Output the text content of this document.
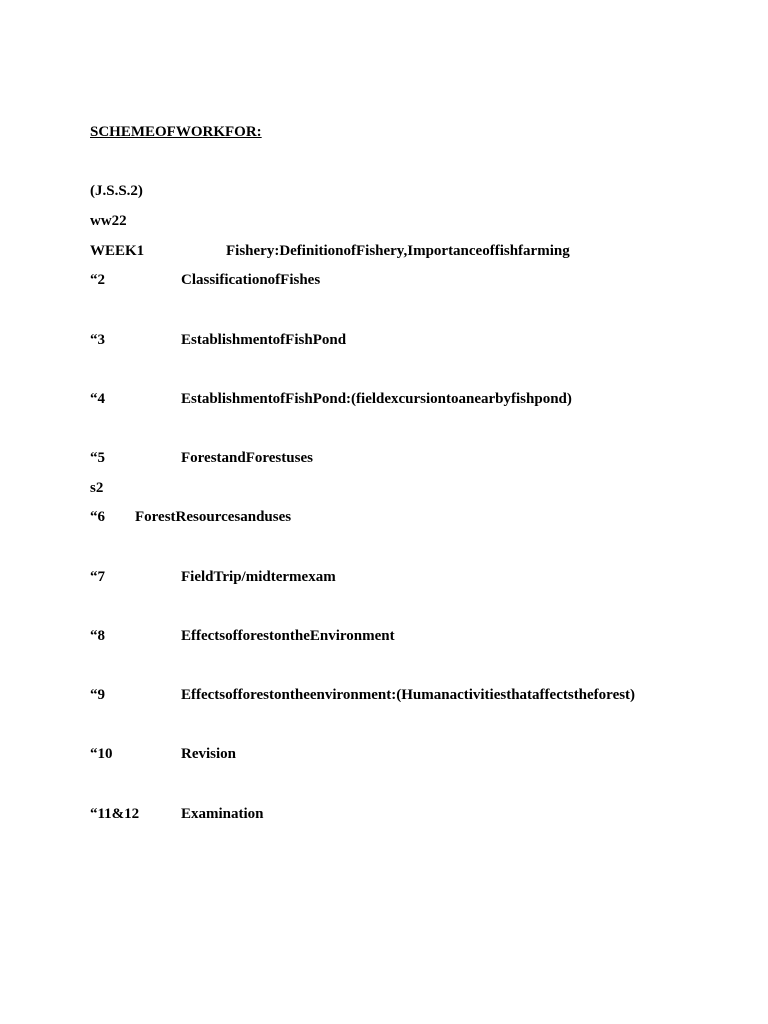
SCHEMEOFWORKFOR:
(J.S.S.2)
ww22
WEEK1	Fishery:DefinitionofFishery,Importanceoffishfarming
“2	ClassificationofFishes
“3	EstablishmentofFishPond
“4	EstablishmentofFishPond:(fieldexcursiontoanearbyfishpond)
“5	ForestandForestuses
s2
“6 ForestResourcesanduses
“7	FieldTrip/midtermexam
“8	EffectsofforestontheEnvironment
“9	Effectsofforestontheenvironment:(Humanactivitiesthataffectstheforest)
“10	Revision
“11&12	Examination
